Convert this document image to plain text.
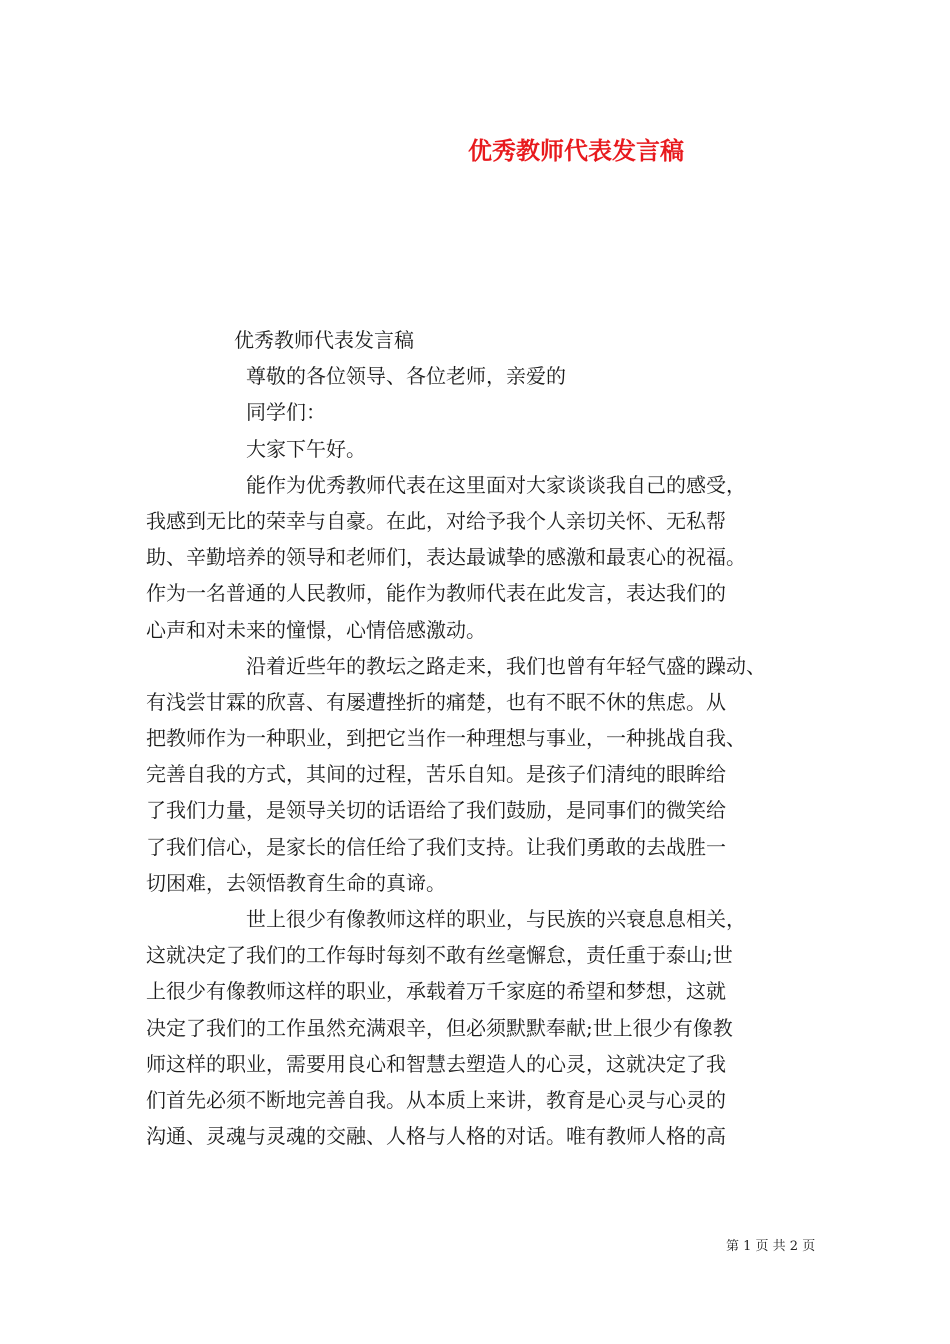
优秀教师代表发言稿
优秀教师代表发言稿
尊敬的各位领导、各位老师，亲爱的
同学们：
大家下午好。
能作为优秀教师代表在这里面对大家谈谈我自己的感受，
我感到无比的荣幸与自豪。在此，对给予我个人亲切关怀、无私帮
助、辛勤培养的领导和老师们，表达最诚挚的感激和最衷心的祝福。
作为一名普通的人民教师，能作为教师代表在此发言，表达我们的
心声和对未来的憧憬，心情倍感激动。
沿着近些年的教坛之路走来，我们也曾有年轻气盛的躁动、
有浅尝甘霖的欣喜、有屡遭挫折的痛楚，也有不眠不休的焦虑。从
把教师作为一种职业，到把它当作一种理想与事业，一种挑战自我、
完善自我的方式，其间的过程，苦乐自知。是孩子们清纯的眼眸给
了我们力量，是领导关切的话语给了我们鼓励，是同事们的微笑给
了我们信心，是家长的信任给了我们支持。让我们勇敢的去战胜一
切困难，去领悟教育生命的真谛。
世上很少有像教师这样的职业，与民族的兴衰息息相关，
这就决定了我们的工作每时每刻不敢有丝毫懈怠，责任重于泰山;世
上很少有像教师这样的职业，承载着万千家庭的希望和梦想，这就
决定了我们的工作虽然充满艰辛，但必须默默奉献;世上很少有像教
师这样的职业，需要用良心和智慧去塑造人的心灵，这就决定了我
们首先必须不断地完善自我。从本质上来讲，教育是心灵与心灵的
沟通、灵魂与灵魂的交融、人格与人格的对话。唯有教师人格的高
第 1 页 共 2 页
